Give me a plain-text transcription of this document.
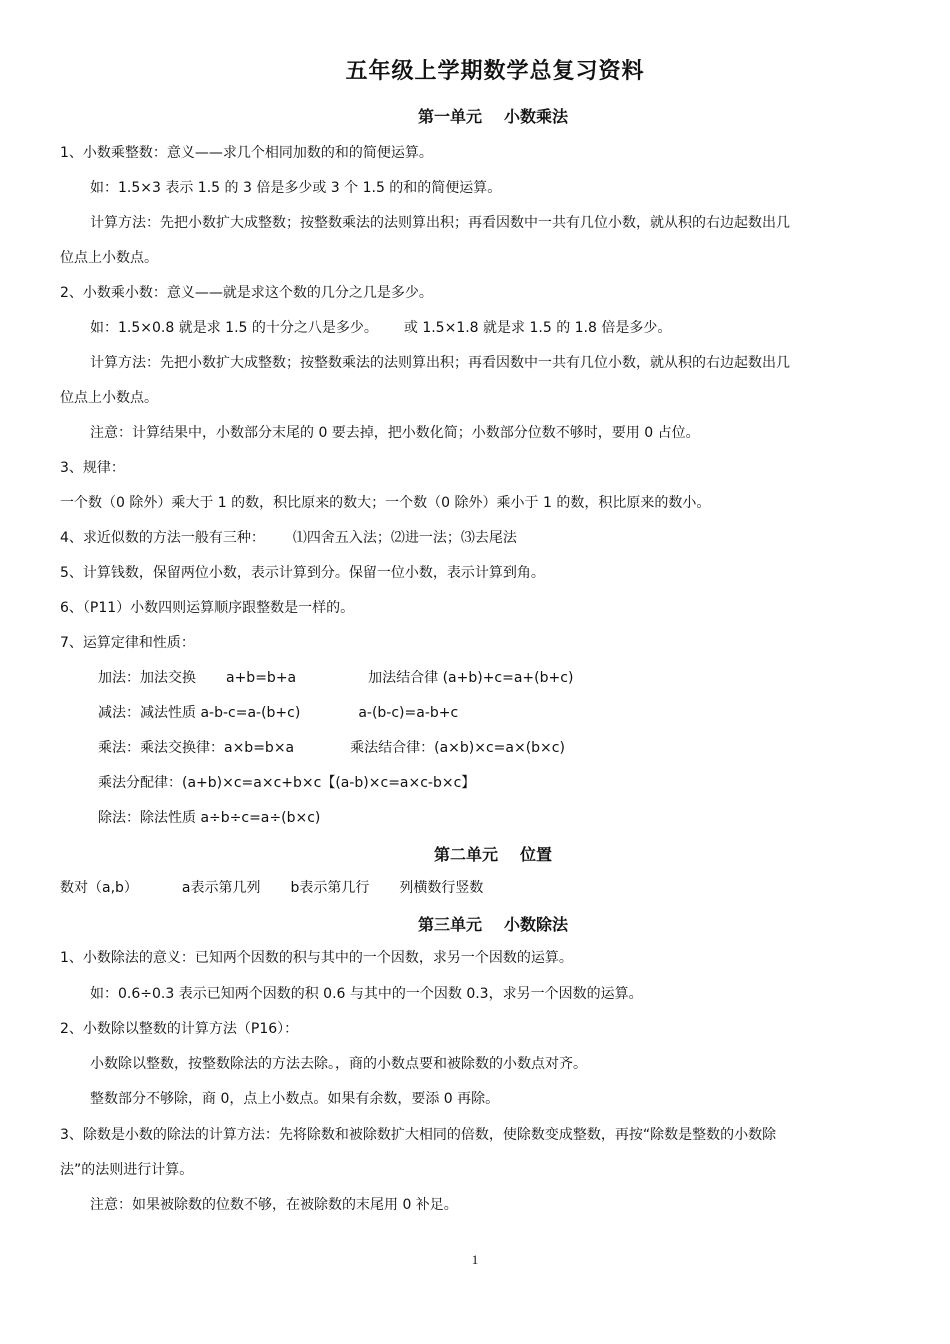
五年级上学期数学总复习资料
第一单元 小数乘法
1、小数乘整数：意义——求几个相同加数的和的简便运算。
如：1.5×3 表示 1.5 的 3 倍是多少或 3 个 1.5 的和的简便运算。
计算方法：先把小数扩大成整数；按整数乘法的法则算出积；再看因数中一共有几位小数，就从积的右边起数出几
位点上小数点。
2、小数乘小数：意义——就是求这个数的几分之几是多少。
如：1.5×0.8 就是求 1.5 的十分之八是多少。 或 1.5×1.8 就是求 1.5 的 1.8 倍是多少。
计算方法：先把小数扩大成整数；按整数乘法的法则算出积；再看因数中一共有几位小数，就从积的右边起数出几
位点上小数点。
注意：计算结果中，小数部分末尾的 0 要去掉，把小数化简；小数部分位数不够时，要用 0 占位。
3、规律：
一个数（0 除外）乘大于 1 的数，积比原来的数大；一个数（0 除外）乘小于 1 的数，积比原来的数小。
4、求近似数的方法一般有三种： ⑴四舍五入法；⑵进一法；⑶去尾法
5、计算钱数，保留两位小数，表示计算到分。保留一位小数，表示计算到角。
6、（P11）小数四则运算顺序跟整数是一样的。
7、运算定律和性质：
加法：加法交换 a+b=b+a	加法结合律 (a+b)+c=a+(b+c)
减法：减法性质 a-b-c=a-(b+c)	a-(b-c)=a-b+c
乘法：乘法交换律：a×b=b×a	乘法结合律：(a×b)×c=a×(b×c)
乘法分配律：(a+b)×c=a×c+b×c【(a-b)×c=a×c-b×c】
除法：除法性质 a÷b÷c=a÷(b×c)
第二单元 位置
数对（a,b）	a表示第几列 b表示第几行 列横数行竖数
第三单元 小数除法
1、小数除法的意义：已知两个因数的积与其中的一个因数，求另一个因数的运算。
如：0.6÷0.3 表示已知两个因数的积 0.6 与其中的一个因数 0.3，求另一个因数的运算。
2、小数除以整数的计算方法（P16）：
小数除以整数，按整数除法的方法去除。，商的小数点要和被除数的小数点对齐。
整数部分不够除，商 0，点上小数点。如果有余数，要添 0 再除。
3、除数是小数的除法的计算方法：先将除数和被除数扩大相同的倍数，使除数变成整数，再按“除数是整数的小数除
法”的法则进行计算。
注意：如果被除数的位数不够，在被除数的末尾用 0 补足。
1
